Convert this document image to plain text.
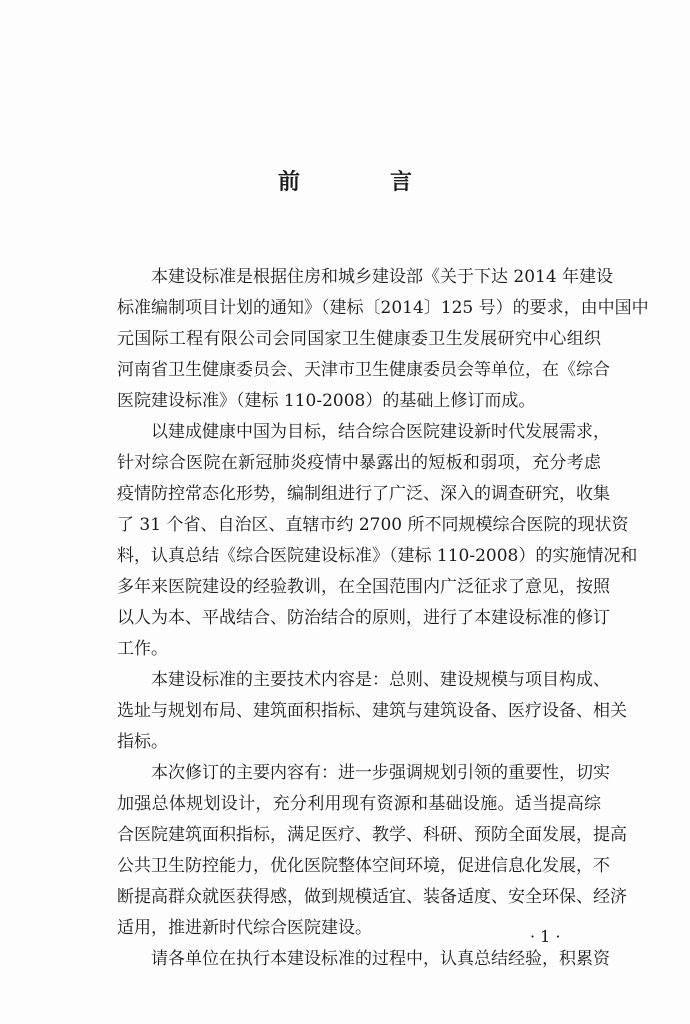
前　言
　　本建设标准是根据住房和城乡建设部《关于下达 2014 年建设
标准编制项目计划的通知》（建标〔2014〕125 号）的要求，由中国中
元国际工程有限公司会同国家卫生健康委卫生发展研究中心组织
河南省卫生健康委员会、天津市卫生健康委员会等单位，在《综合
医院建设标准》（建标 110-2008）的基础上修订而成。
　　以建成健康中国为目标，结合综合医院建设新时代发展需求，
针对综合医院在新冠肺炎疫情中暴露出的短板和弱项，充分考虑
疫情防控常态化形势，编制组进行了广泛、深入的调查研究，收集
了 31 个省、自治区、直辖市约 2700 所不同规模综合医院的现状资
料，认真总结《综合医院建设标准》（建标 110-2008）的实施情况和
多年来医院建设的经验教训，在全国范围内广泛征求了意见，按照
以人为本、平战结合、防治结合的原则，进行了本建设标准的修订
工作。
　　本建设标准的主要技术内容是：总则、建设规模与项目构成、
选址与规划布局、建筑面积指标、建筑与建筑设备、医疗设备、相关
指标。
　　本次修订的主要内容有：进一步强调规划引领的重要性，切实
加强总体规划设计，充分利用现有资源和基础设施。适当提高综
合医院建筑面积指标，满足医疗、教学、科研、预防全面发展，提高
公共卫生防控能力，优化医院整体空间环境，促进信息化发展，不
断提高群众就医获得感，做到规模适宜、装备适度、安全环保、经济
适用，推进新时代综合医院建设。
　　请各单位在执行本建设标准的过程中，认真总结经验，积累资
· 1 ·
